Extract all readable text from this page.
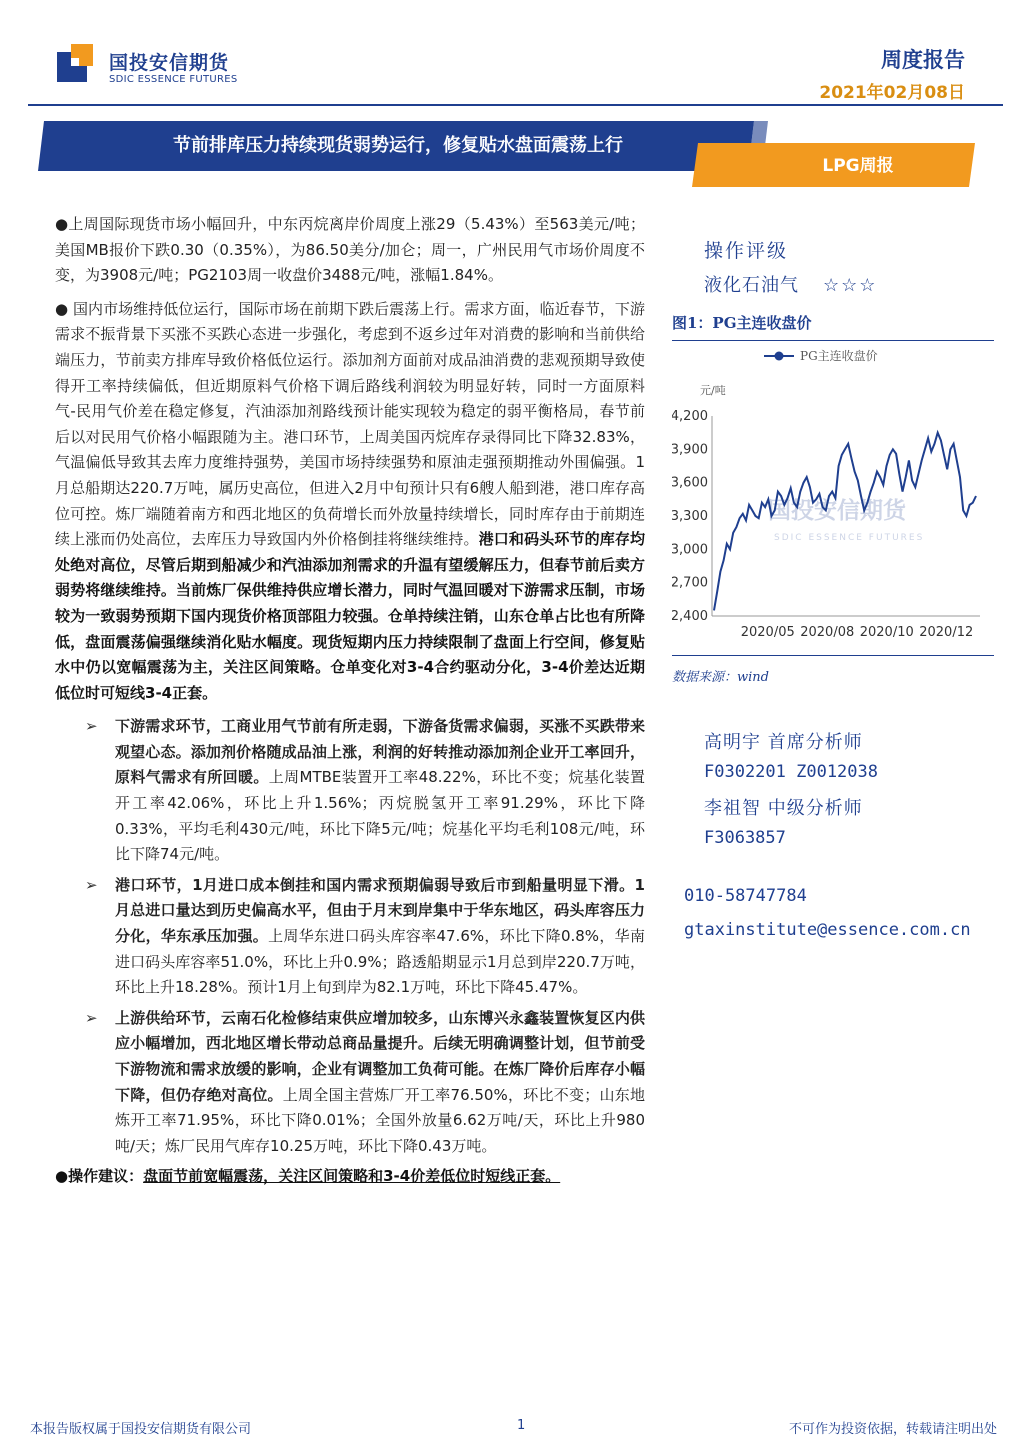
国投安信期货
SDIC ESSENCE FUTURES
周度报告
2021年02月08日
节前排库压力持续现货弱势运行，修复贴水盘面震荡上行
LPG周报

●上周国际现货市场小幅回升，中东丙烷离岸价周度上涨29（5.43%）至563美元/吨；美国MB报价下跌0.30（0.35%），为86.50美分/加仑；周一，广州民用气市场价周度不变，为3908元/吨；PG2103周一收盘价3488元/吨，涨幅1.84%。

● 国内市场维持低位运行，国际市场在前期下跌后震荡上行。需求方面，临近春节，下游需求不振背景下买涨不买跌心态进一步强化，考虑到不返乡过年对消费的影响和当前供给端压力，节前卖方排库导致价格低位运行。添加剂方面前对成品油消费的悲观预期导致使得开工率持续偏低，但近期原料气价格下调后路线利润较为明显好转，同时一方面原料气-民用气价差在稳定修复，汽油添加剂路线预计能实现较为稳定的弱平衡格局，春节前后以对民用气价格小幅跟随为主。港口环节，上周美国丙烷库存录得同比下降32.83%，气温偏低导致其去库力度维持强势，美国市场持续强势和原油走强预期推动外围偏强。1月总船期达220.7万吨，属历史高位，但进入2月中旬预计只有6艘人船到港，港口库存高位可控。炼厂端随着南方和西北地区的负荷增长而外放量持续增长，同时库存由于前期连续上涨而仍处高位，去库压力导致国内外价格倒挂将继续维持。港口和码头环节的库存均处绝对高位，尽管后期到船减少和汽油添加剂需求的升温有望缓解压力，但春节前后卖方弱势将继续维持。当前炼厂保供维持供应增长潜力，同时气温回暖对下游需求压制，市场较为一致弱势预期下国内现货价格顶部阻力较强。仓单持续注销，山东仓单占比也有所降低，盘面震荡偏强继续消化贴水幅度。现货短期内压力持续限制了盘面上行空间，修复贴水中仍以宽幅震荡为主，关注区间策略。仓单变化对3-4合约驱动分化，3-4价差达近期低位时可短线3-4正套。

➢ 下游需求环节，工商业用气节前有所走弱，下游备货需求偏弱，买涨不买跌带来观望心态。添加剂价格随成品油上涨，利润的好转推动添加剂企业开工率回升，原料气需求有所回暖。上周MTBE装置开工率48.22%，环比不变；烷基化装置开工率42.06%，环比上升1.56%；丙烷脱氢开工率91.29%，环比下降0.33%，平均毛利430元/吨，环比下降5元/吨；烷基化平均毛利108元/吨，环比下降74元/吨。
➢ 港口环节，1月进口成本倒挂和国内需求预期偏弱导致后市到船量明显下滑。1月总进口量达到历史偏高水平，但由于月末到岸集中于华东地区，码头库容压力分化，华东承压加强。上周华东进口码头库容率47.6%，环比下降0.8%，华南进口码头库容率51.0%，环比上升0.9%；路透船期显示1月总到岸220.7万吨，环比上升18.28%。预计1月上旬到岸为82.1万吨，环比下降45.47%。
➢ 上游供给环节，云南石化检修结束供应增加较多，山东博兴永鑫装置恢复区内供应小幅增加，西北地区增长带动总商品量提升。后续无明确调整计划，但节前受下游物流和需求放缓的影响，企业有调整加工负荷可能。在炼厂降价后库存小幅下降，但仍存绝对高位。上周全国主营炼厂开工率76.50%，环比不变；山东地炼开工率71.95%，环比下降0.01%；全国外放量6.62万吨/天，环比上升980吨/天；炼厂民用气库存10.25万吨，环比下降0.43万吨。

●操作建议：盘面节前宽幅震荡，关注区间策略和3-4价差低位时短线正套。

操作评级
液化石油气 ☆☆☆
图1：PG主连收盘价
PG主连收盘价
元/吨
国投安信期货
SDIC ESSENCE FUTURES
4,200
3,900
3,600
3,300
3,000
2,700
2,400
2020/05 2020/08 2020/10 2020/12
数据来源：wind
高明宇 首席分析师
F0302201 Z0012038
李祖智 中级分析师
F3063857
010-58747784
gtaxinstitute@essence.com.cn
本报告版权属于国投安信期货有限公司	1	不可作为投资依据，转载请注明出处
